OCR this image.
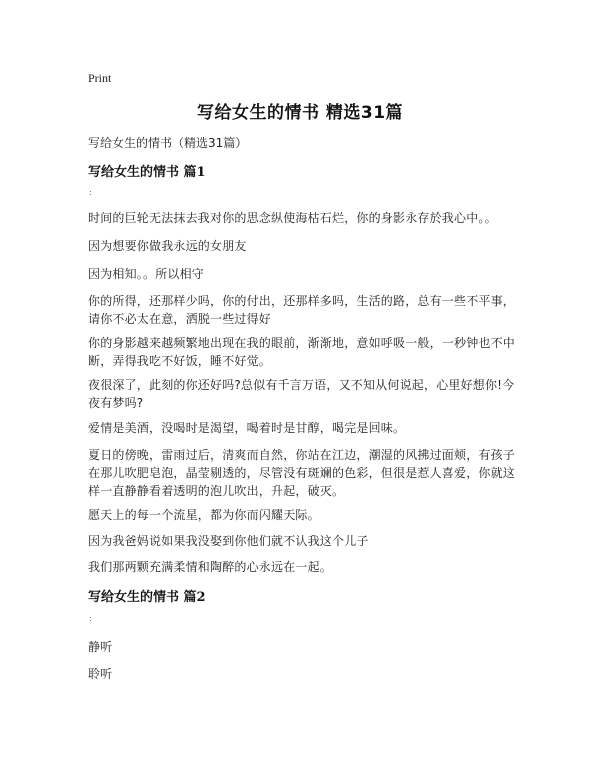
Print
写给女生的情书 精选31篇
写给女生的情书（精选31篇）
写给女生的情书 篇1
:
时间的巨轮无法抹去我对你的思念纵使海枯石烂，你的身影永存於我心中。。
因为想要你做我永远的女朋友
因为相知。。所以相守
你的所得，还那样少吗，你的付出，还那样多吗，生活的路，总有一些不平事，请你不必太在意，洒脱一些过得好
你的身影越来越频繁地出现在我的眼前，渐渐地，意如呼吸一般，一秒钟也不中断，弄得我吃不好饭，睡不好觉。
夜很深了，此刻的你还好吗?总似有千言万语，又不知从何说起，心里好想你!今夜有梦吗?
爱情是美酒，没喝时是渴望，喝着时是甘醇，喝完是回味。
夏日的傍晚，雷雨过后，清爽而自然，你站在江边，潮湿的风拂过面颊，有孩子在那儿吹肥皂泡，晶莹剔透的，尽管没有斑斓的色彩，但很是惹人喜爱，你就这样一直静静看着透明的泡儿吹出，升起，破灭。
愿天上的每一个流星，都为你而闪耀天际。
因为我爸妈说如果我没娶到你他们就不认我这个儿子
我们那两颗充满柔情和陶醉的心永远在一起。
写给女生的情书 篇2
:
静听
聆听
